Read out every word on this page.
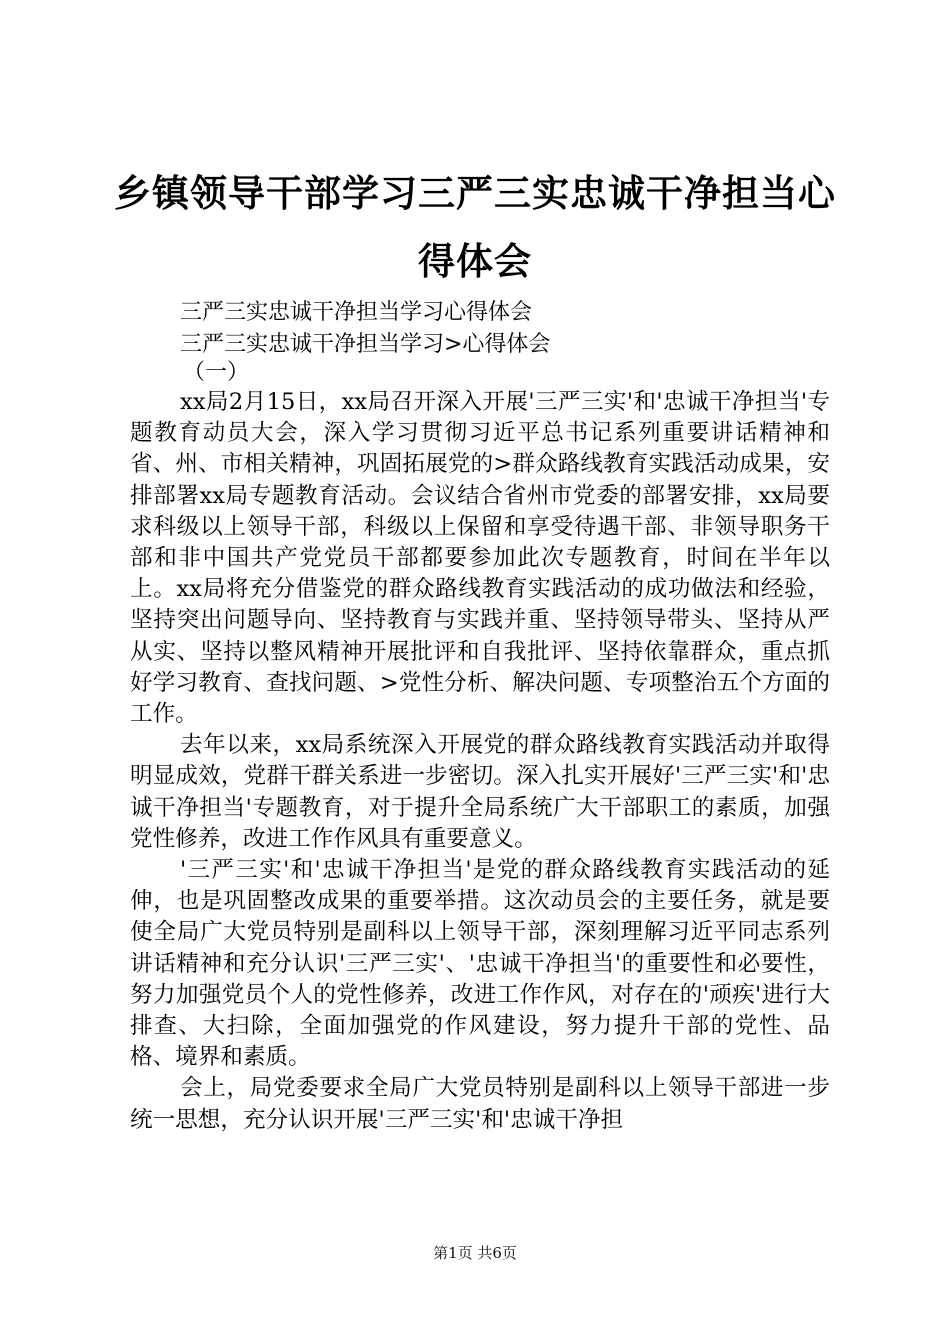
乡镇领导干部学习三严三实忠诚干净担当心得体会
三严三实忠诚干净担当学习心得体会
三严三实忠诚干净担当学习>心得体会
（一）

xx局2月15日，xx局召开深入开展'三严三实'和'忠诚干净担当'专题教育动员大会，深入学习贯彻习近平总书记系列重要讲话精神和省、州、市相关精神，巩固拓展党的>群众路线教育实践活动成果，安排部署xx局专题教育活动。会议结合省州市党委的部署安排，xx局要求科级以上领导干部，科级以上保留和享受待遇干部、非领导职务干部和非中国共产党党员干部都要参加此次专题教育，时间在半年以上。xx局将充分借鉴党的群众路线教育实践活动的成功做法和经验，坚持突出问题导向、坚持教育与实践并重、坚持领导带头、坚持从严从实、坚持以整风精神开展批评和自我批评、坚持依靠群众，重点抓好学习教育、查找问题、>党性分析、解决问题、专项整治五个方面的工作。

去年以来，xx局系统深入开展党的群众路线教育实践活动并取得明显成效，党群干群关系进一步密切。深入扎实开展好'三严三实'和'忠诚干净担当'专题教育，对于提升全局系统广大干部职工的素质，加强党性修养，改进工作作风具有重要意义。

'三严三实'和'忠诚干净担当'是党的群众路线教育实践活动的延伸，也是巩固整改成果的重要举措。这次动员会的主要任务，就是要使全局广大党员特别是副科以上领导干部，深刻理解习近平同志系列讲话精神和充分认识'三严三实'、'忠诚干净担当'的重要性和必要性，努力加强党员个人的党性修养，改进工作作风，对存在的'顽疾'进行大排查、大扫除，全面加强党的作风建设，努力提升干部的党性、品格、境界和素质。

会上，局党委要求全局广大党员特别是副科以上领导干部进一步统一思想，充分认识开展'三严三实'和'忠诚干净担

第1页 共6页
